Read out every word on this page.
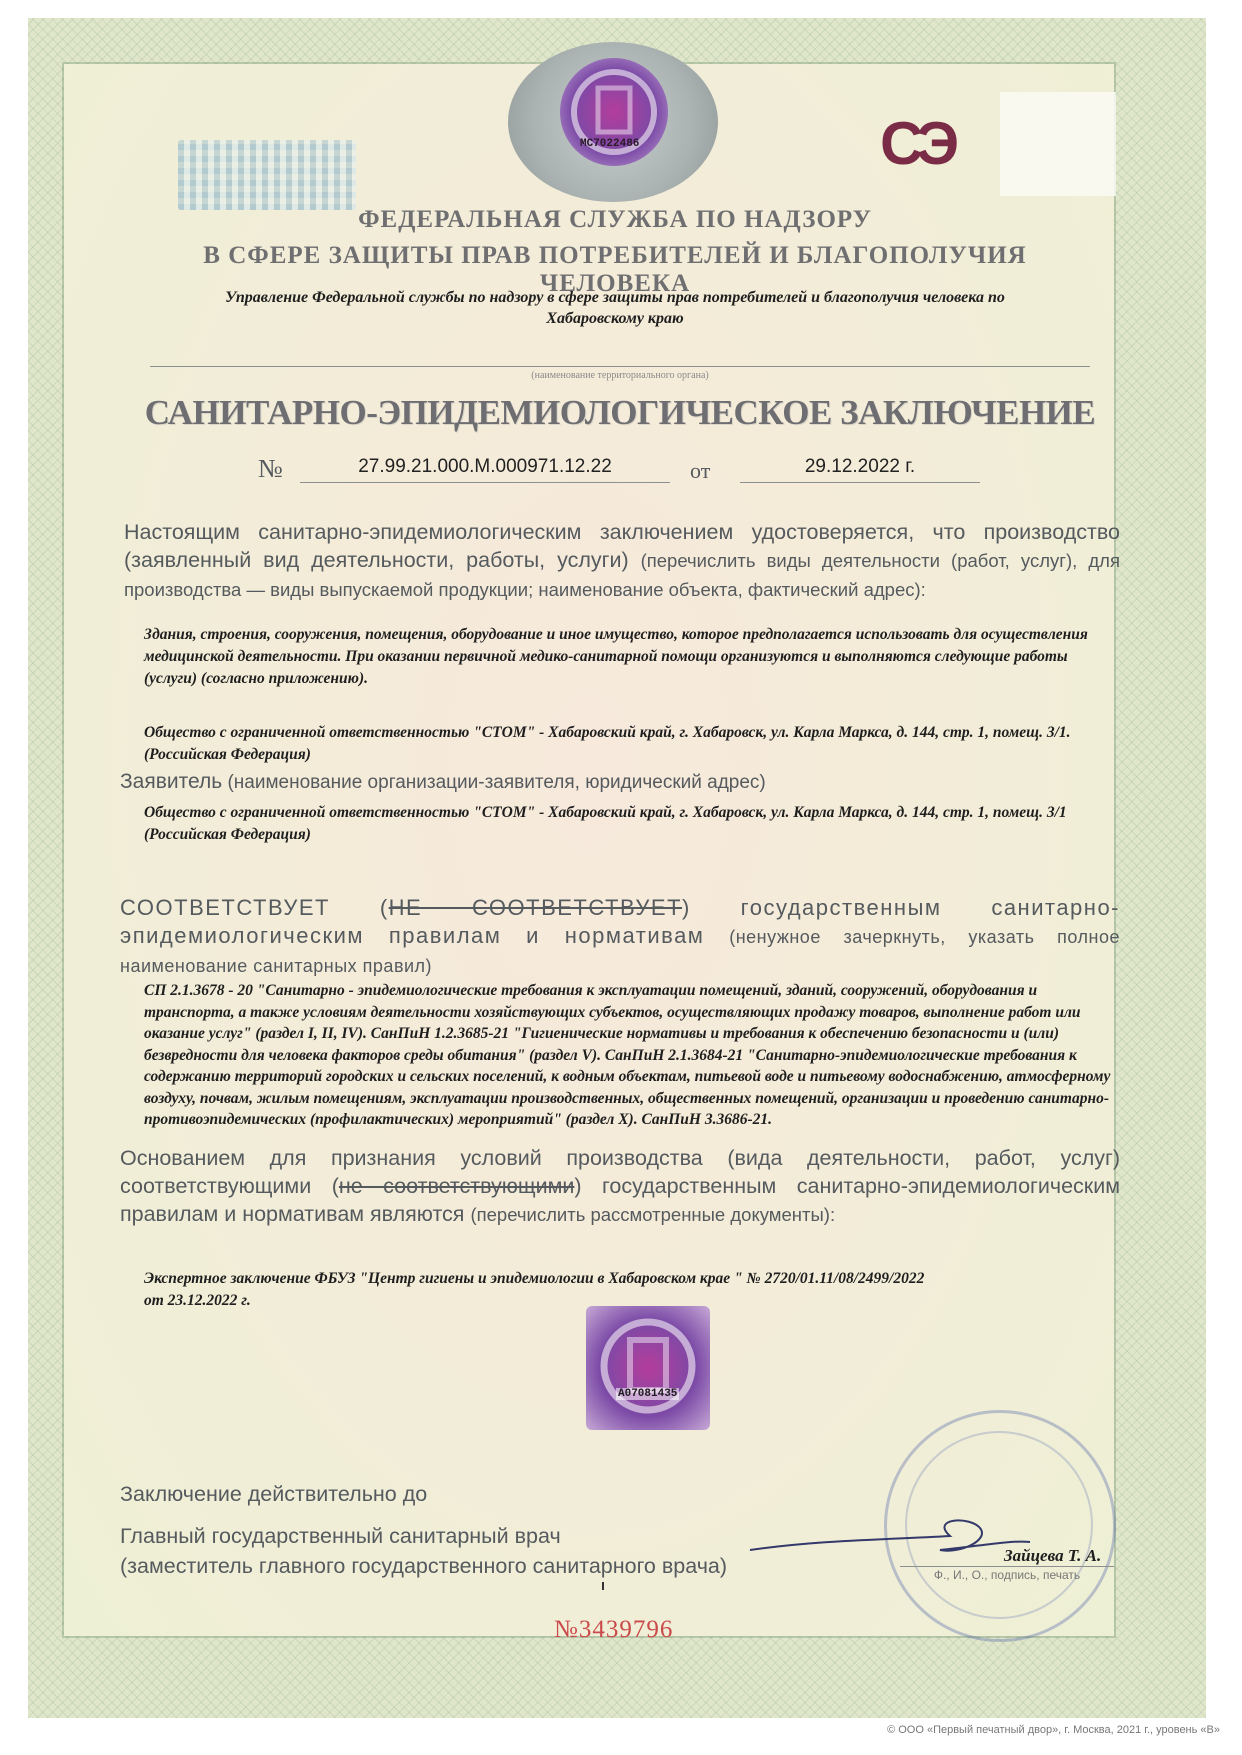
MC7022486	СЭ
ФЕДЕРАЛЬНАЯ СЛУЖБА ПО НАДЗОРУ
В СФЕРЕ ЗАЩИТЫ ПРАВ ПОТРЕБИТЕЛЕЙ И БЛАГОПОЛУЧИЯ ЧЕЛОВЕКА
Управление Федеральной службы по надзору в сфере защиты прав потребителей и благополучия человека по
Хабаровскому краю
(наименование территориального органа)
САНИТАРНО-ЭПИДЕМИОЛОГИЧЕСКОЕ ЗАКЛЮЧЕНИЕ
№	27.99.21.000.М.000971.12.22	от	29.12.2022 г.
Настоящим санитарно-эпидемиологическим заключением удостоверяется, что производство (заявленный вид деятельности, работы, услуги) (перечислить виды деятельности (работ, услуг), для производства — виды выпускаемой продукции; наименование объекта, фактический адрес):
Здания, строения, сооружения, помещения, оборудование и иное имущество, которое предполагается использовать для осуществления медицинской деятельности. При оказании первичной медико-санитарной помощи организуются и выполняются следующие работы (услуги) (согласно приложению).
Общество с ограниченной ответственностью "СТОМ" - Хабаровский край, г. Хабаровск, ул. Карла Маркса, д. 144, стр. 1, помещ. 3/1. (Российская Федерация)
Заявитель (наименование организации-заявителя, юридический адрес)
Общество с ограниченной ответственностью "СТОМ" - Хабаровский край, г. Хабаровск, ул. Карла Маркса, д. 144, стр. 1, помещ. 3/1 (Российская Федерация)
СООТВЕТСТВУЕТ (НЕ СООТВЕТСТВУЕТ) государственным санитарно-эпидемиологическим правилам и нормативам (ненужное зачеркнуть, указать полное наименование санитарных правил)
СП 2.1.3678 - 20 "Санитарно - эпидемиологические требования к эксплуатации помещений, зданий, сооружений, оборудования и транспорта, а также условиям деятельности хозяйствующих субъектов, осуществляющих продажу товаров, выполнение работ или оказание услуг" (раздел I, II, IV). СанПиН 1.2.3685-21 "Гигиенические нормативы и требования к обеспечению безопасности и (или) безвредности для человека факторов среды обитания" (раздел V). СанПиН 2.1.3684-21 "Санитарно-эпидемиологические требования к содержанию территорий городских и сельских поселений, к водным объектам, питьевой воде и питьевому водоснабжению, атмосферному воздуху, почвам, жилым помещениям, эксплуатации производственных, общественных помещений, организации и проведению санитарно-противоэпидемических (профилактических) мероприятий" (раздел X). СанПиН 3.3686-21.
Основанием для признания условий производства (вида деятельности, работ, услуг) соответствующими (не соответствующими) государственным санитарно-эпидемиологическим правилам и нормативам являются (перечислить рассмотренные документы):
Экспертное заключение ФБУЗ "Центр гигиены и эпидемиологии в Хабаровском крае " № 2720/01.11/08/2499/2022 от 23.12.2022 г.
A07081435
Заключение действительно до
Главный государственный санитарный врач
(заместитель главного государственного санитарного врача)	Зайцева Т. А.
Ф., И., О., подпись, печать
№3439796
© ООО «Первый печатный двор», г. Москва, 2021 г., уровень «В»
